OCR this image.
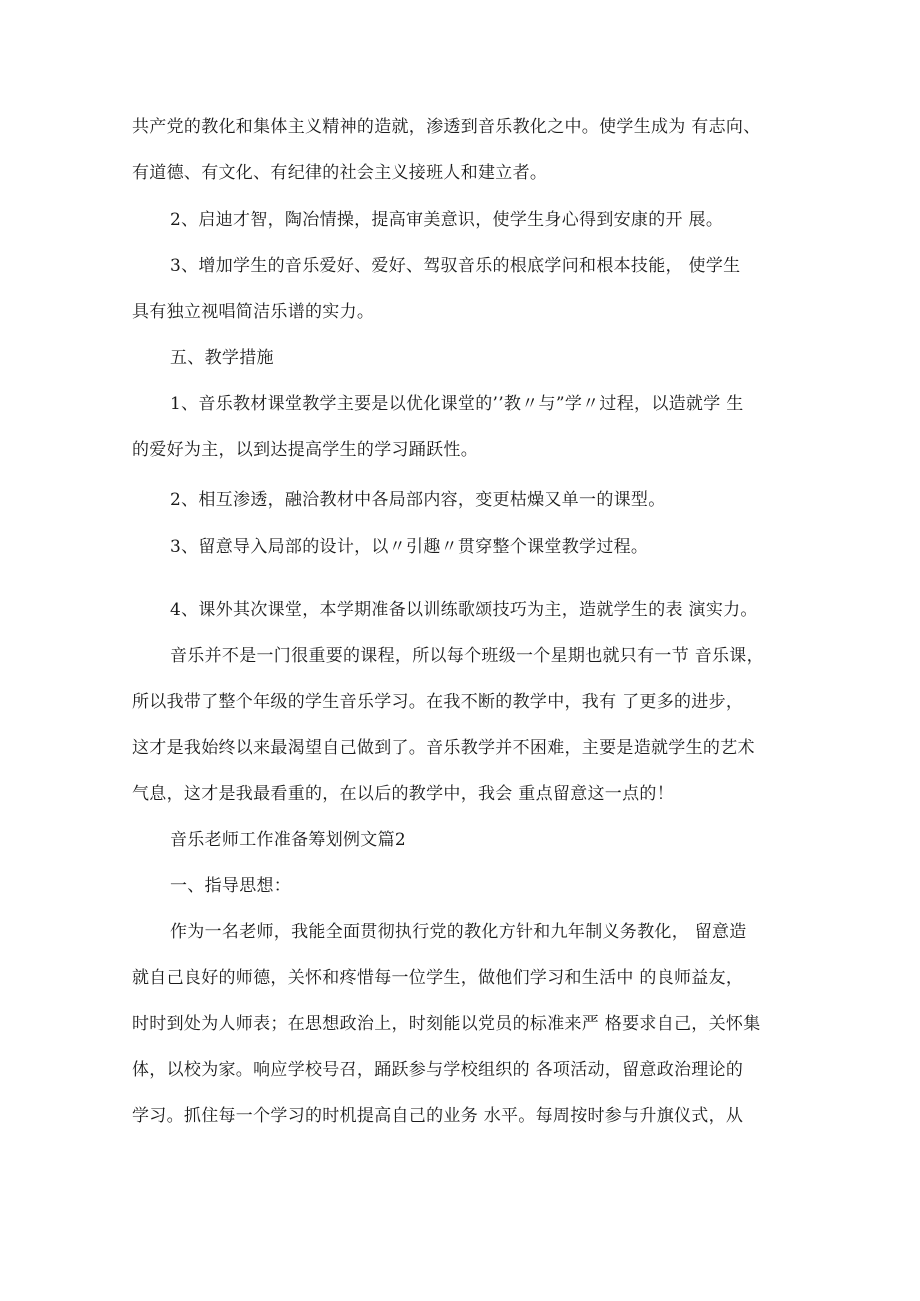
共产党的教化和集体主义精神的造就，渗透到音乐教化之中。使学生成为 有志向、
有道德、有文化、有纪律的社会主义接班人和建立者。
2、启迪才智，陶冶情操，提高审美意识，使学生身心得到安康的开 展。
3、增加学生的音乐爱好、爱好、驾驭音乐的根底学问和根本技能， 使学生
具有独立视唱简洁乐谱的实力。
五、教学措施
1、音乐教材课堂教学主要是以优化课堂的’’教〃与”学〃过程，以造就学 生
的爱好为主，以到达提高学生的学习踊跃性。
2、相互渗透，融洽教材中各局部内容，变更枯燥又单一的课型。
3、留意导入局部的设计，以〃引趣〃贯穿整个课堂教学过程。
4、课外其次课堂，本学期准备以训练歌颂技巧为主，造就学生的表 演实力。
音乐并不是一门很重要的课程，所以每个班级一个星期也就只有一节 音乐课，
所以我带了整个年级的学生音乐学习。在我不断的教学中，我有 了更多的进步，
这才是我始终以来最渴望自己做到了。音乐教学并不困难，主要是造就学生的艺术
气息，这才是我最看重的，在以后的教学中，我会 重点留意这一点的！
音乐老师工作准备筹划例文篇2
一、指导思想：
作为一名老师，我能全面贯彻执行党的教化方针和九年制义务教化， 留意造
就自己良好的师德，关怀和疼惜每一位学生，做他们学习和生活中 的良师益友，
时时到处为人师表；在思想政治上，时刻能以党员的标准来严 格要求自己，关怀集
体，以校为家。响应学校号召，踊跃参与学校组织的 各项活动，留意政治理论的
学习。抓住每一个学习的时机提高自己的业务 水平。每周按时参与升旗仪式，从
